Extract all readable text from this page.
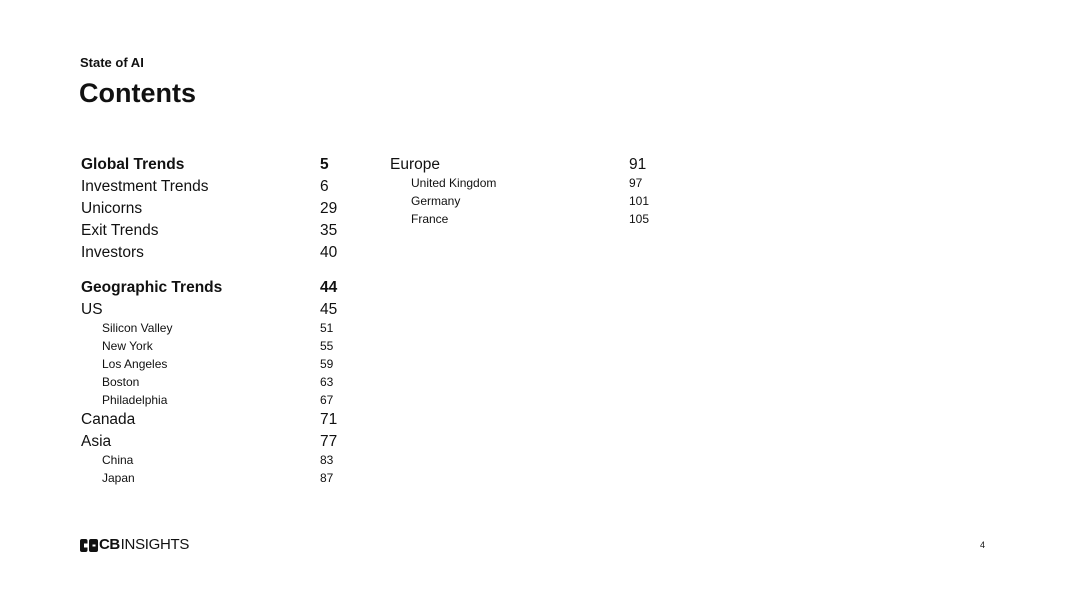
State of AI
Contents
Global Trends	5
Investment Trends	6
Unicorns	29
Exit Trends	35
Investors	40
Geographic Trends	44
US	45
Silicon Valley	51
New York	55
Los Angeles	59
Boston	63
Philadelphia	67
Canada	71
Asia	77
China	83
Japan	87
Europe	91
United Kingdom	97
Germany	101
France	105
CB INSIGHTS	4
